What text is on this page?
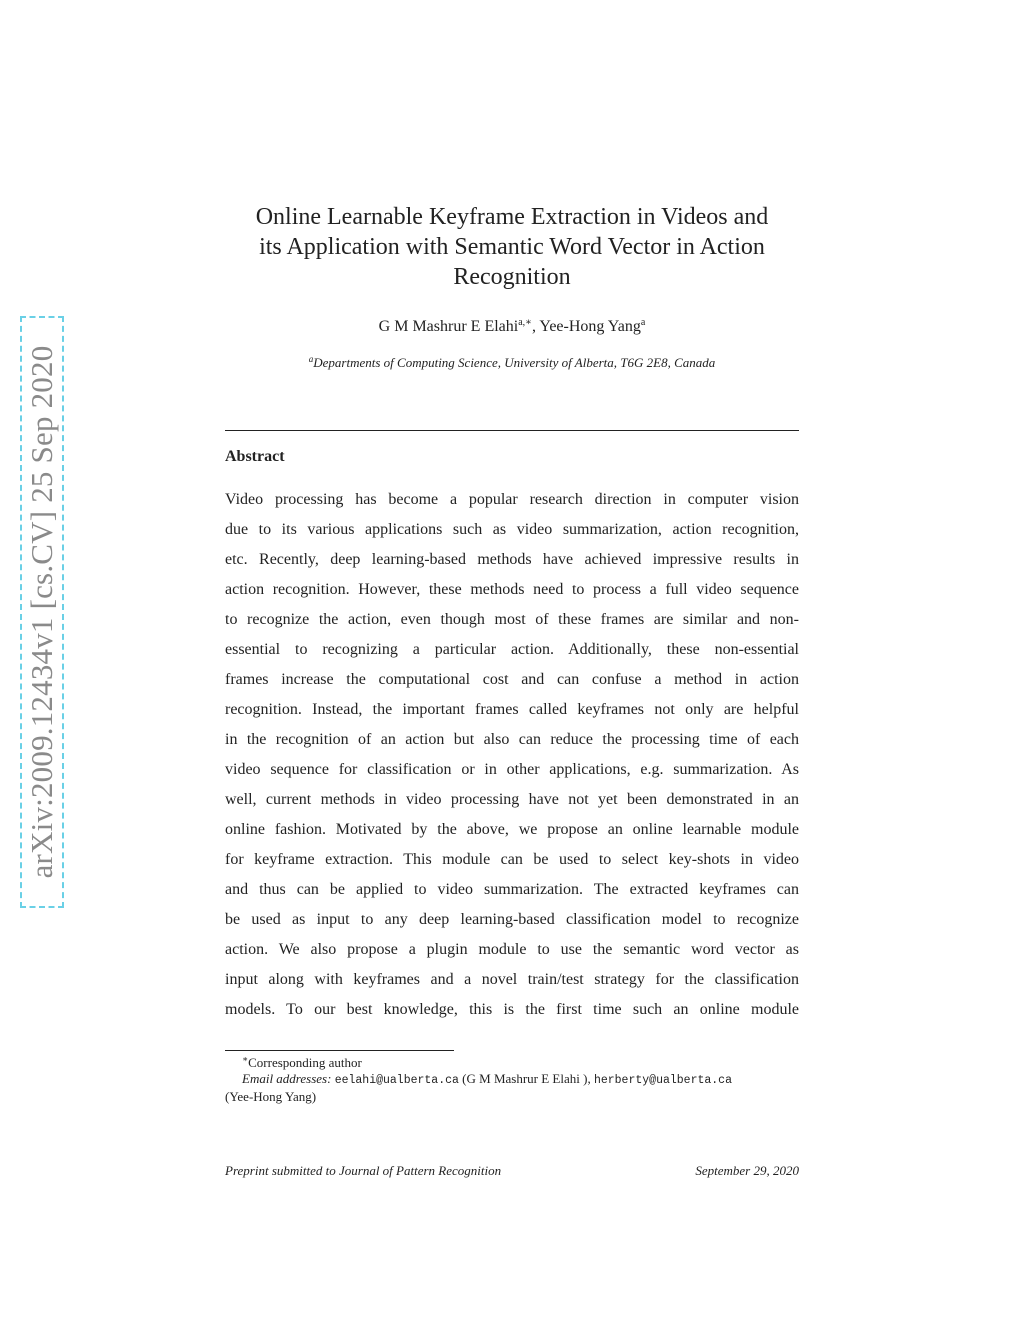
arXiv:2009.12434v1 [cs.CV] 25 Sep 2020
Online Learnable Keyframe Extraction in Videos and
its Application with Semantic Word Vector in Action
Recognition
G M Mashrur E Elahi$^{a,∗}$, Yee-Hong Yang$^a$
$^a$Departments of Computing Science, University of Alberta, T6G 2E8, Canada
Abstract
Video processing has become a popular research direction in computer vision
due to its various applications such as video summarization, action recognition,
etc. Recently, deep learning-based methods have achieved impressive results in
action recognition. However, these methods need to process a full video sequence
to recognize the action, even though most of these frames are similar and non-
essential to recognizing a particular action. Additionally, these non-essential
frames increase the computational cost and can confuse a method in action
recognition. Instead, the important frames called keyframes not only are helpful
in the recognition of an action but also can reduce the processing time of each
video sequence for classification or in other applications, e.g. summarization. As
well, current methods in video processing have not yet been demonstrated in an
online fashion. Motivated by the above, we propose an online learnable module
for keyframe extraction. This module can be used to select key-shots in video
and thus can be applied to video summarization. The extracted keyframes can
be used as input to any deep learning-based classification model to recognize
action. We also propose a plugin module to use the semantic word vector as
input along with keyframes and a novel train/test strategy for the classification
models. To our best knowledge, this is the first time such an online module
∗Corresponding author
Email addresses: eelahi@ualberta.ca (G M Mashrur E Elahi ), herberty@ualberta.ca
(Yee-Hong Yang)
Preprint submitted to Journal of Pattern Recognition	September 29, 2020
